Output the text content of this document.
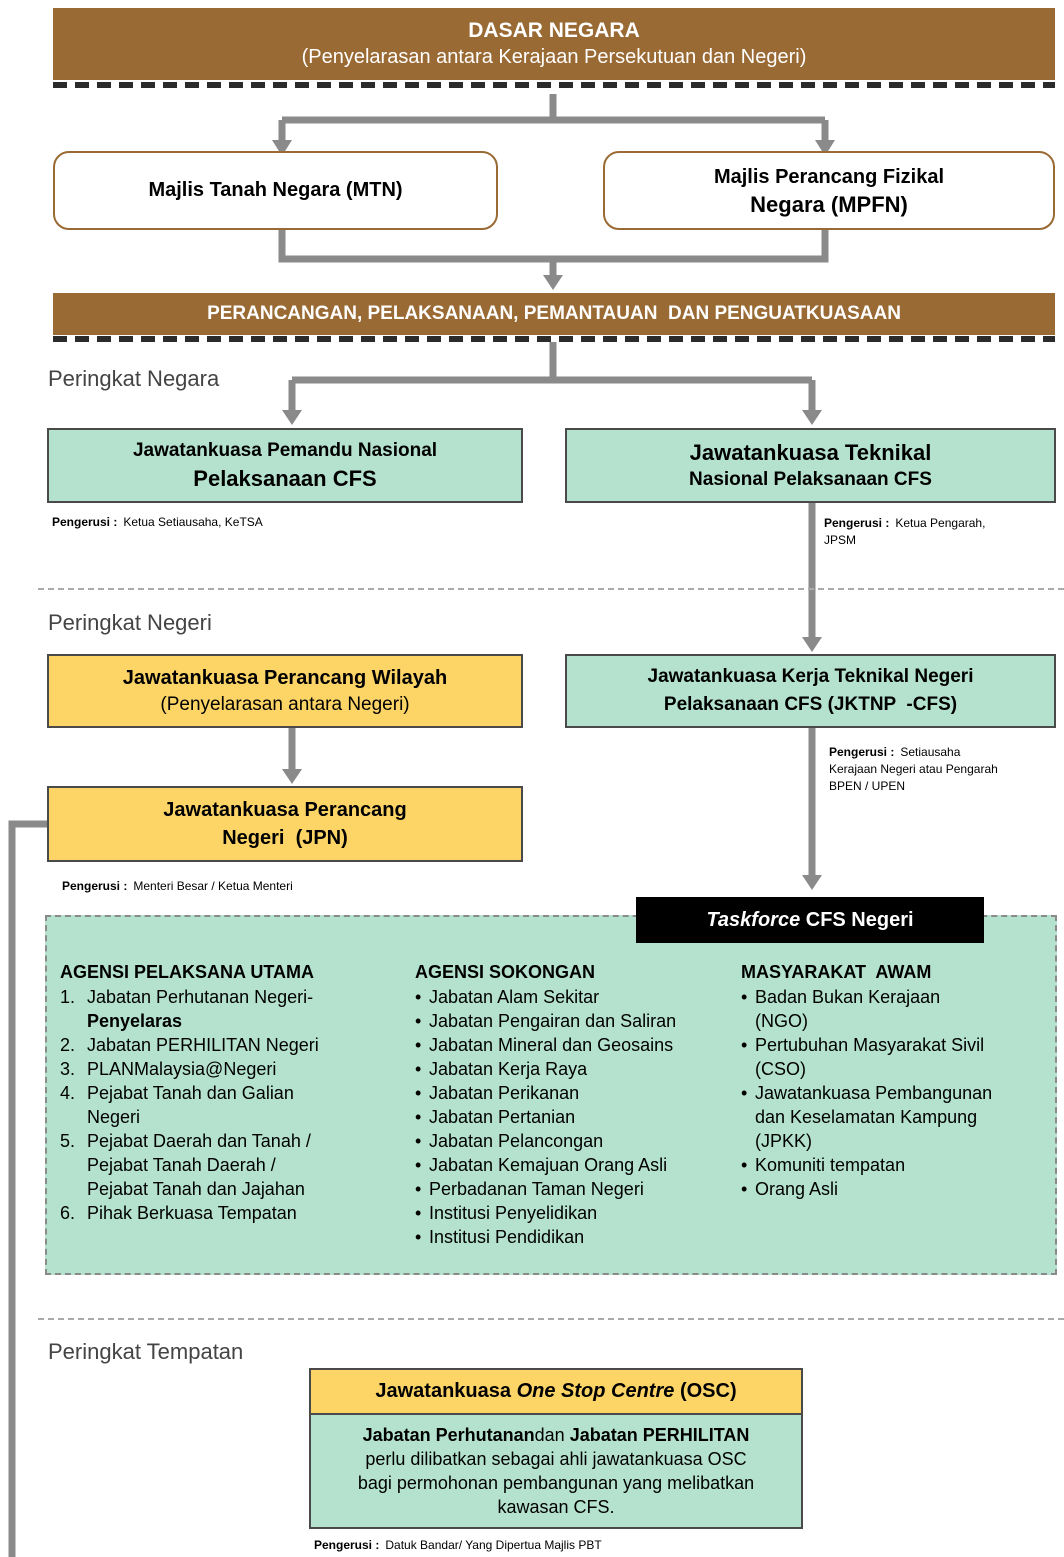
DASAR NEGARA
(Penyelarasan antara Kerajaan Persekutuan dan Negeri)
Majlis Tanah Negara (MTN)
Majlis Perancang Fizikal
Negara (MPFN)
PERANCANGAN, PELAKSANAAN, PEMANTAUAN  DAN PENGUATKUASAAN
Peringkat Negara
Jawatankuasa Pemandu Nasional
Pelaksanaan CFS
Pengerusi : Ketua Setiausaha, KeTSA
Jawatankuasa Teknikal
Nasional Pelaksanaan CFS
Pengerusi : Ketua Pengarah,
JPSM
Peringkat Negeri
Jawatankuasa Perancang Wilayah
(Penyelarasan antara Negeri)
Jawatankuasa Kerja Teknikal Negeri
Pelaksanaan CFS (JKTNP  -CFS)
Pengerusi : Setiausaha
Kerajaan Negeri atau Pengarah
BPEN / UPEN
Jawatankuasa Perancang
Negeri  (JPN)
Pengerusi : Menteri Besar / Ketua Menteri
Taskforce
CFS Negeri
AGENSI PELAKSANA UTAMA
1. Jabatan Perhutanan Negeri-
Penyelaras
2. Jabatan PERHILITAN Negeri
3. PLANMalaysia@Negeri
4. Pejabat Tanah dan Galian
Negeri
5. Pejabat Daerah dan Tanah /
Pejabat Tanah Daerah /
Pejabat Tanah dan Jajahan
6. Pihak Berkuasa Tempatan
AGENSI SOKONGAN
• Jabatan Alam Sekitar
• Jabatan Pengairan dan Saliran
• Jabatan Mineral dan Geosains
• Jabatan Kerja Raya
• Jabatan Perikanan
• Jabatan Pertanian
• Jabatan Pelancongan
• Jabatan Kemajuan Orang Asli
• Perbadanan Taman Negeri
• Institusi Penyelidikan
• Institusi Pendidikan
MASYARAKAT  AWAM
• Badan Bukan Kerajaan
(NGO)
• Pertubuhan Masyarakat Sivil
(CSO)
• Jawatankuasa Pembangunan
dan Keselamatan Kampung
(JPKK)
• Komuniti tempatan
• Orang Asli
Peringkat Tempatan
Jawatankuasa
One Stop Centre
(OSC)
Jabatan Perhutanandan Jabatan PERHILITAN
perlu dilibatkan sebagai ahli jawatankuasa OSC
bagi permohonan pembangunan yang melibatkan
kawasan CFS.
Pengerusi : Datuk Bandar/ Yang Dipertua Majlis PBT
